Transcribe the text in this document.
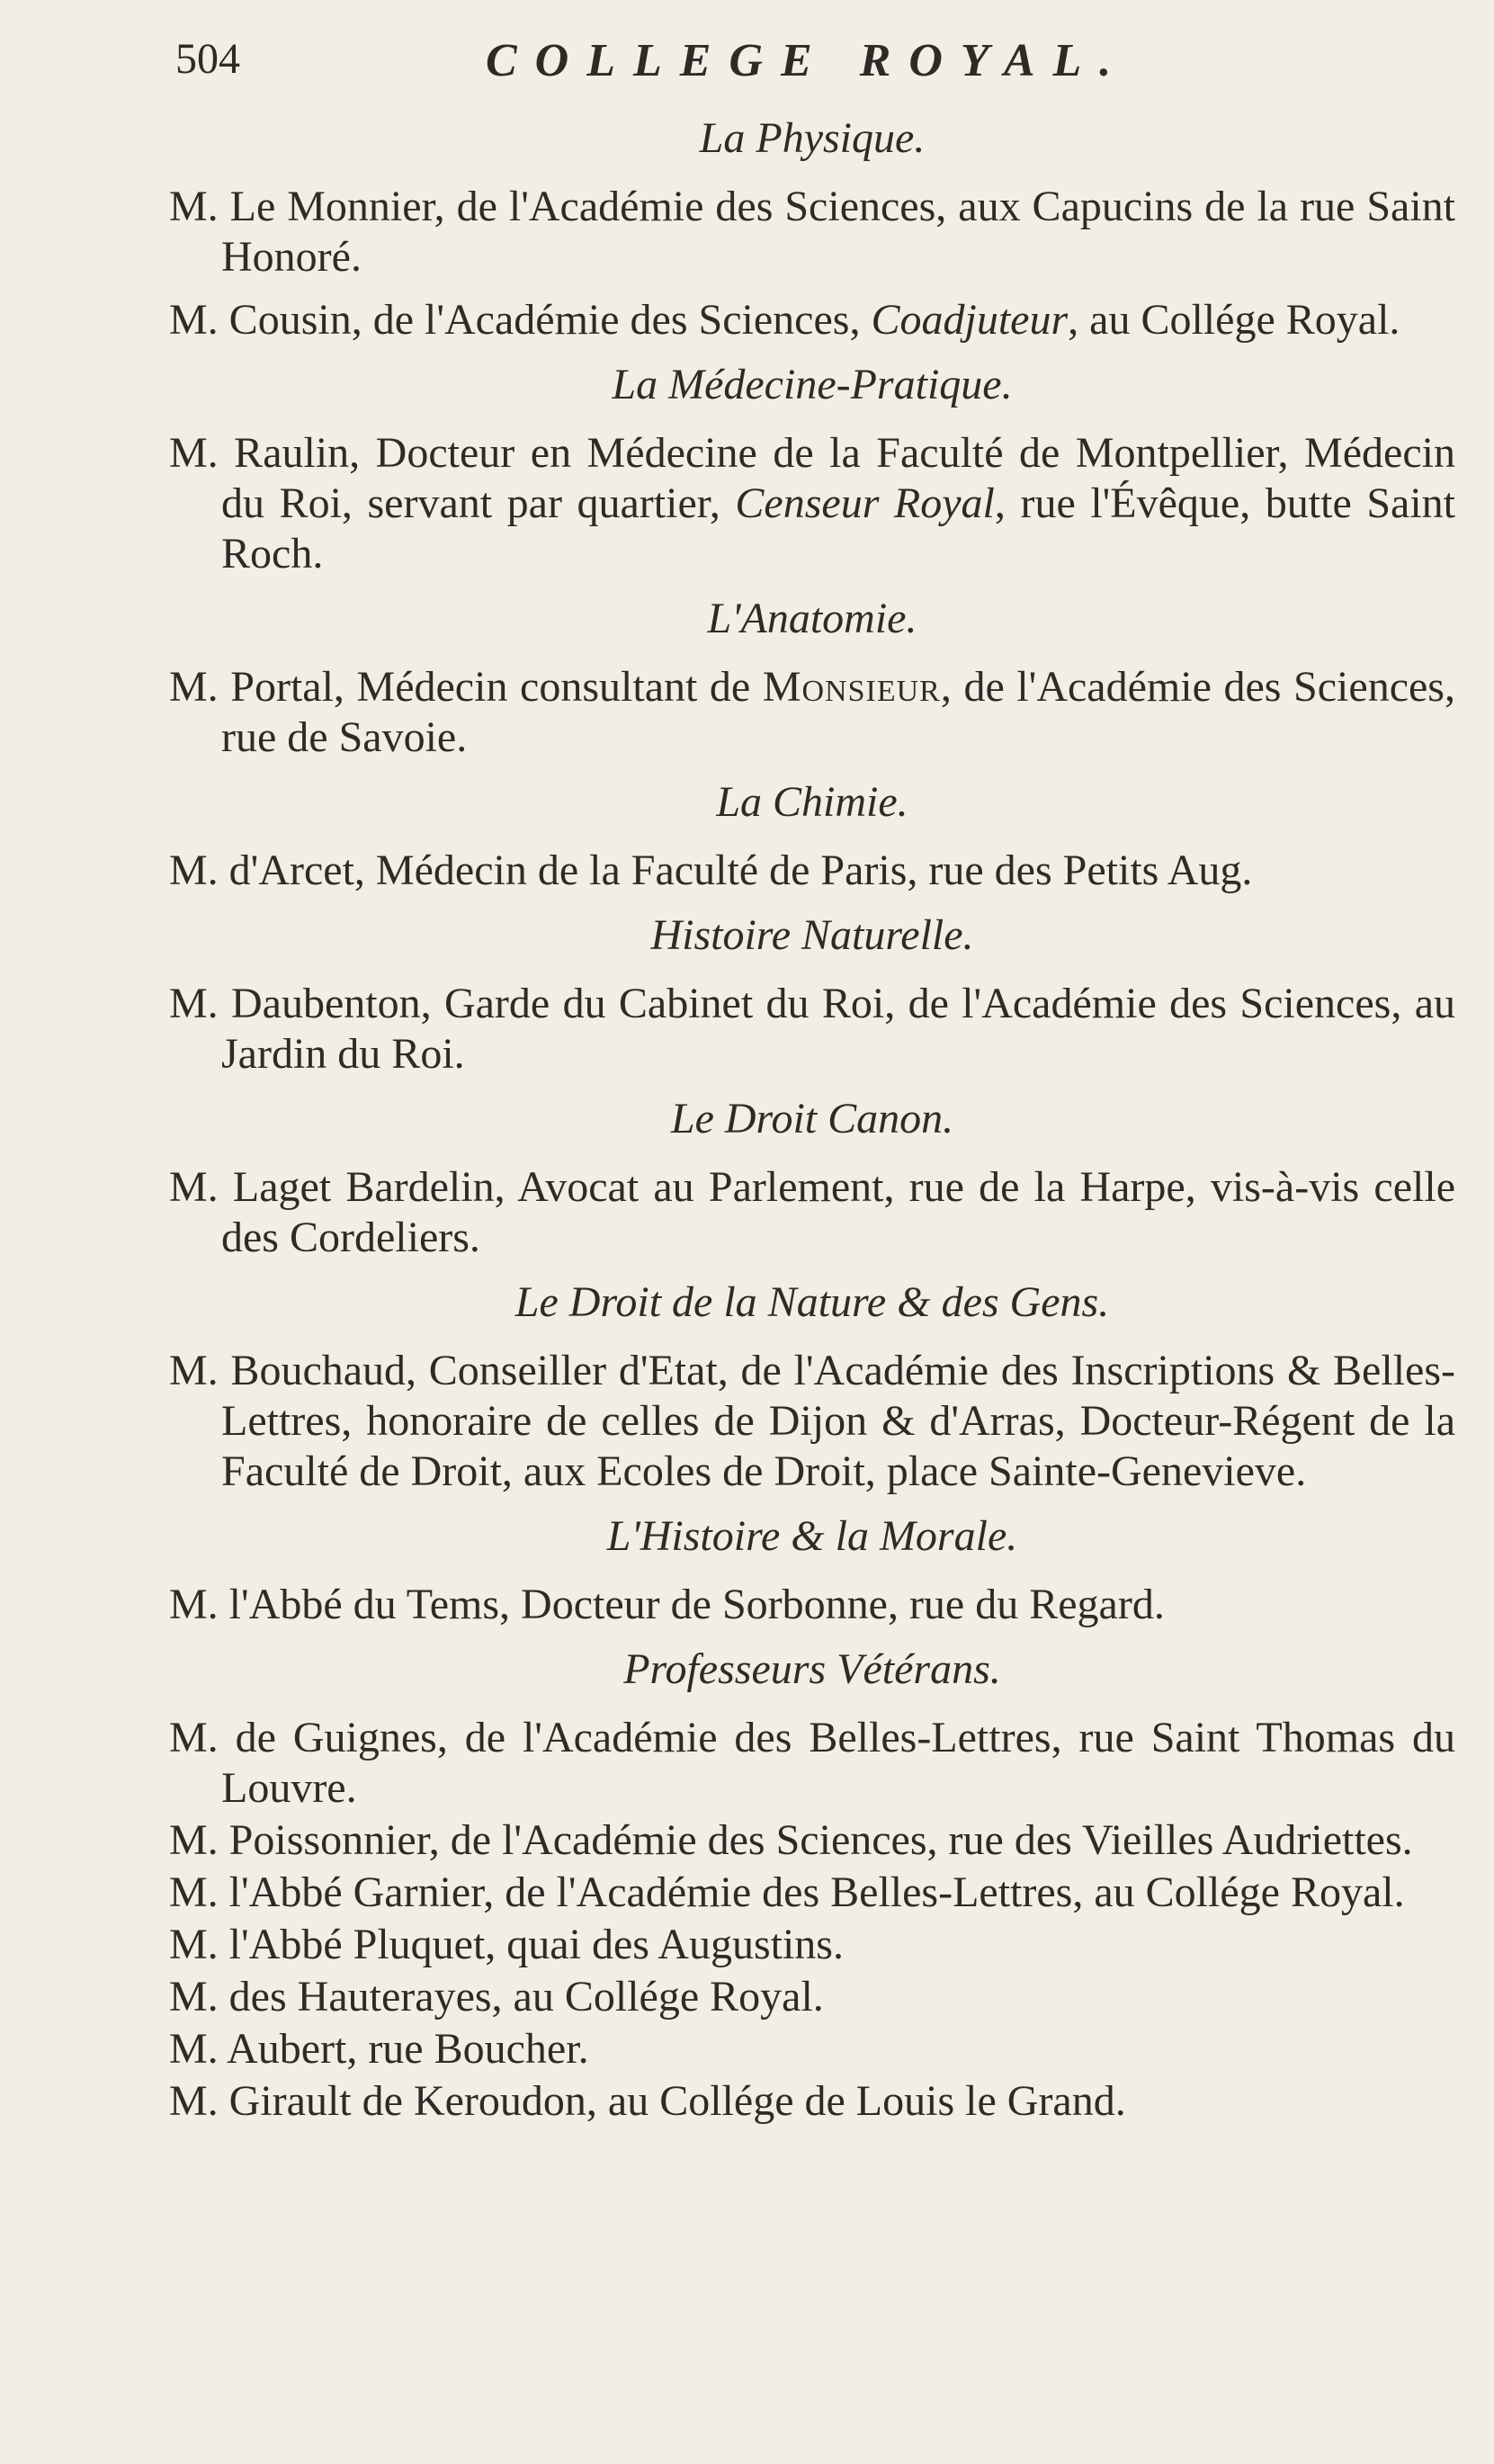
504	COLLEGE ROYAL.
La Physique.
M. Le Monnier, de l'Académie des Sciences, aux Capucins de la rue Saint Honoré.
M. Cousin, de l'Académie des Sciences, Coadjuteur, au Collége Royal.
La Médecine-Pratique.
M. Raulin, Docteur en Médecine de la Faculté de Montpellier, Médecin du Roi, servant par quartier, Censeur Royal, rue l'Évêque, butte Saint Roch.
L'Anatomie.
M. Portal, Médecin consultant de Monsieur, de l'Académie des Sciences, rue de Savoie.
La Chimie.
M. d'Arcet, Médecin de la Faculté de Paris, rue des Petits Aug.
Histoire Naturelle.
M. Daubenton, Garde du Cabinet du Roi, de l'Académie des Sciences, au Jardin du Roi.
Le Droit Canon.
M. Laget Bardelin, Avocat au Parlement, rue de la Harpe, vis-à-vis celle des Cordeliers.
Le Droit de la Nature & des Gens.
M. Bouchaud, Conseiller d'Etat, de l'Académie des Inscriptions & Belles-Lettres, honoraire de celles de Dijon & d'Arras, Docteur-Régent de la Faculté de Droit, aux Ecoles de Droit, place Sainte-Genevieve.
L'Histoire & la Morale.
M. l'Abbé du Tems, Docteur de Sorbonne, rue du Regard.
Professeurs Vétérans.
M. de Guignes, de l'Académie des Belles-Lettres, rue Saint Thomas du Louvre.
M. Poissonnier, de l'Académie des Sciences, rue des Vieilles Audriettes.
M. l'Abbé Garnier, de l'Académie des Belles-Lettres, au Collége Royal.
M. l'Abbé Pluquet, quai des Augustins.
M. des Hauterayes, au Collége Royal.
M. Aubert, rue Boucher.
M. Girault de Keroudon, au Collége de Louis le Grand.
